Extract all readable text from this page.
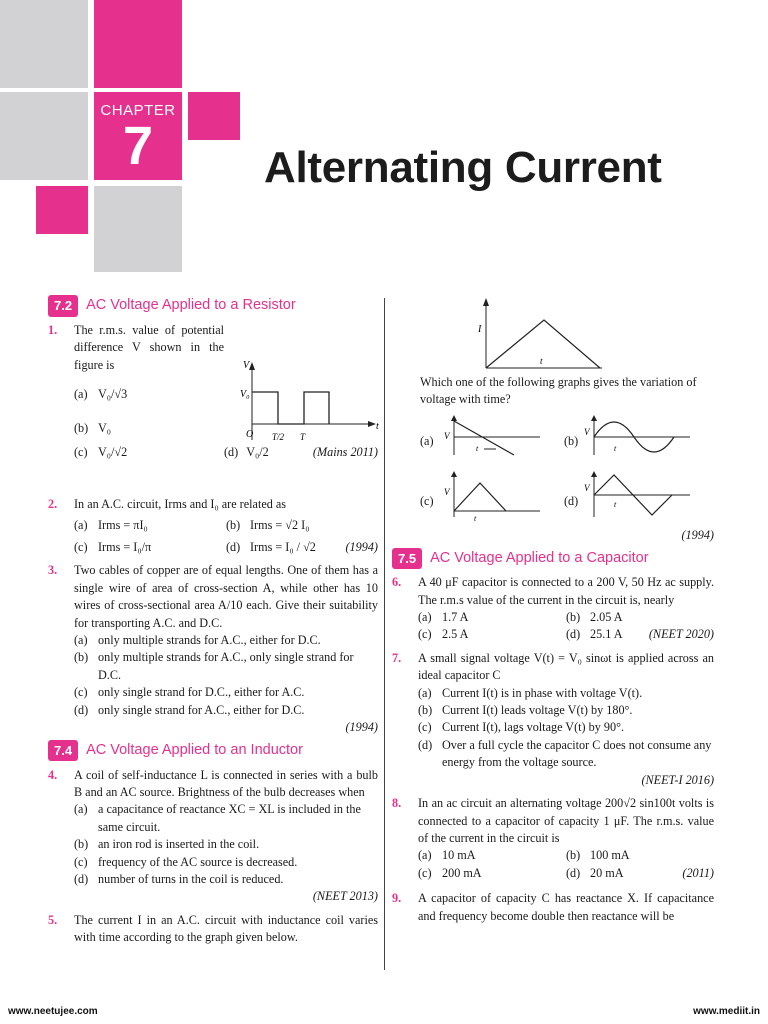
CHAPTER
7	Alternating Current
7.2 AC Voltage Applied to a Resistor
1.	The r.m.s. value of potential difference V shown in the figure is	V
V₀
O T/2 T
t
(a) V₀/√3
(b) V₀
(c) V₀/√2	(d) V₀/2	(Mains 2011)
2.	In an A.C. circuit, Irms and I₀ are related as
(a) Irms = πI₀	(b) Irms = √2 I₀
(c) Irms = I₀/π	(d) Irms = I₀ / √2 (1994)
3.	Two cables of copper are of equal lengths. One of them has a single wire of area of cross-section A, while other has 10 wires of cross-sectional area A/10 each. Give their suitability for transporting A.C. and D.C.
(a) only multiple strands for A.C., either for D.C.
(b) only multiple strands for A.C., only single strand for D.C.
(c) only single strand for D.C., either for A.C.
(d) only single strand for A.C., either for D.C.
(1994)
7.4 AC Voltage Applied to an Inductor
4.	A coil of self-inductance L is connected in series with a bulb B and an AC source. Brightness of the bulb decreases when
(a) a capacitance of reactance XC = XL is included in the same circuit.
(b) an iron rod is inserted in the coil.
(c) frequency of the AC source is decreased.
(d) number of turns in the coil is reduced.
(NEET 2013)
5.	The current I in an A.C. circuit with inductance coil varies with time according to the graph given below.
I
t
Which one of the following graphs gives the variation of voltage with time?
(a) V
t
(b)
V
t
(c)
V
t
(d)
V
t
(1994)
7.5 AC Voltage Applied to a Capacitor
6.	A 40 μF capacitor is connected to a 200 V, 50 Hz ac supply. The r.m.s value of the current in the circuit is, nearly
(a) 1.7 A	(b) 2.05 A
(c) 2.5 A	(d) 25.1 A (NEET 2020)
7.	A small signal voltage V(t) = V₀ sinωt is applied across an ideal capacitor C
(a) Current I(t) is in phase with voltage V(t).
(b) Current I(t) leads voltage V(t) by 180°.
(c) Current I(t), lags voltage V(t) by 90°.
(d) Over a full cycle the capacitor C does not consume any energy from the voltage source.
(NEET-I 2016)
8.	In an ac circuit an alternating voltage 200√2 sin100t volts is connected to a capacitor of capacity 1 μF. The r.m.s. value of the current in the circuit is
(a) 10 mA	(b) 100 mA
(c) 200 mA	(d) 20 mA	(2011)
9.	A capacitor of capacity C has reactance X. If capacitance and frequency become double then reactance will be
www.neetujee.com	www.mediit.in
